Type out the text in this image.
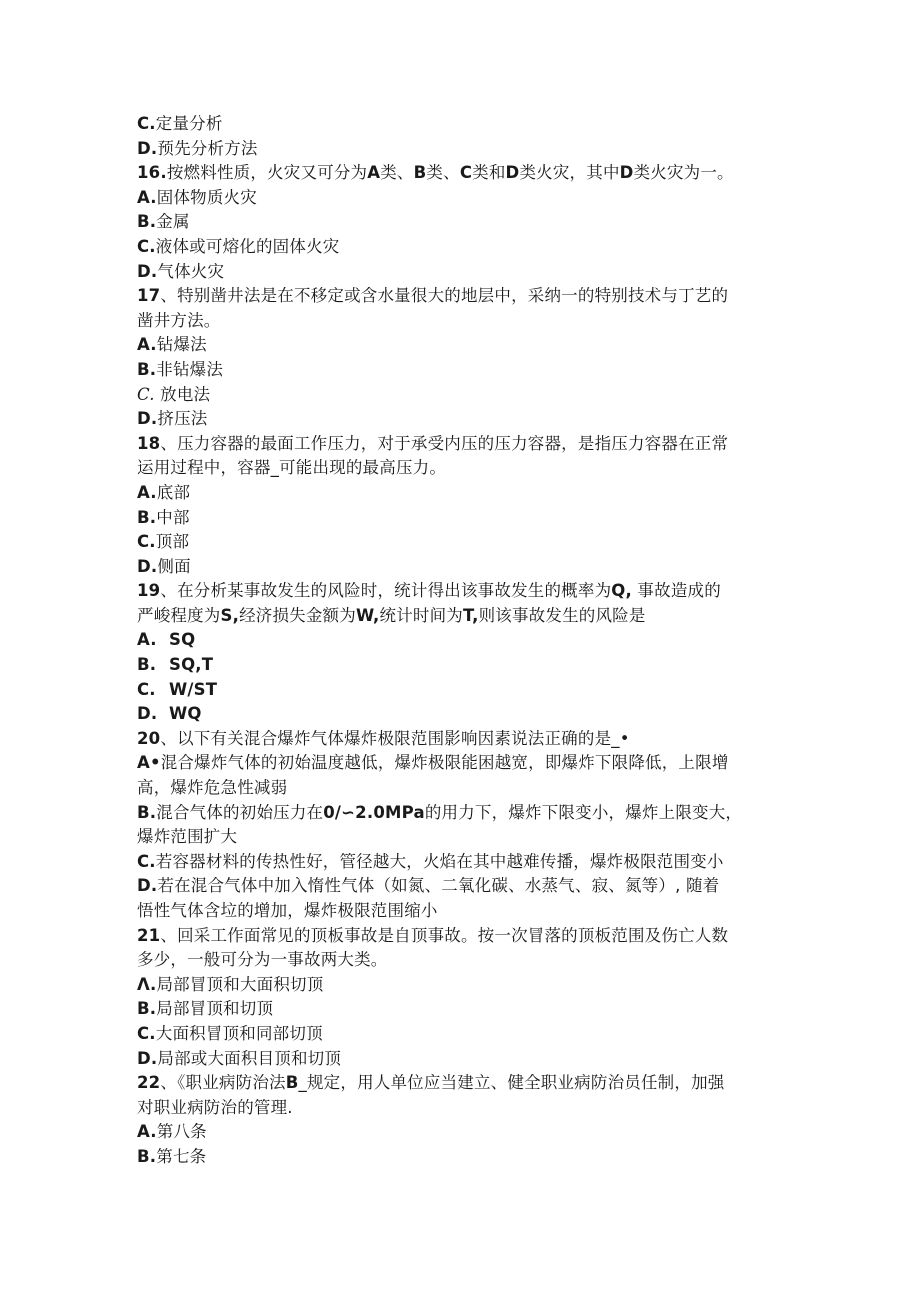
C.定量分析
D.预先分析方法
16.按燃料性质，火灾又可分为A类、B类、C类和D类火灾，其中D类火灾为一。
A.固体物质火灾
B.金属
C.液体或可熔化的固体火灾
D.气体火灾
17、特别凿井法是在不移定或含水量很大的地层中，采纳一的特别技术与丁艺的
凿井方法。
A.钻爆法
B.非钻爆法
C. 放电法
D.挤压法
18、压力容器的最面工作压力，对于承受内压的压力容器，是指压力容器在正常
运用过程中，容器_可能出现的最高压力。
A.底部
B.中部
C.顶部
D.侧面
19、在分析某事故发生的风险时，统计得出该事故发生的概率为Q, 事故造成的
严峻程度为S,经济损失金额为W,统计时间为T,则该事故发生的风险是
A. SQ
B. SQ,T
C. W/ST
D. WQ
20、以下有关混合爆炸气体爆炸极限范围影响因素说法正确的是_•
A•混合爆炸气体的初始温度越低，爆炸极限能困越宽，即爆炸下限降低，上限增
高，爆炸危急性减弱
B.混合气体的初始压力在0/∽2.0MPa的用力下，爆炸下限变小，爆炸上限变大，
爆炸范围扩大
C.若容器材料的传热性好，管径越大，火焰在其中越难传播，爆炸极限范围变小
D.若在混合气体中加入惰性气体（如氮、二氧化碳、水蒸气、寂、氮等）, 随着
悟性气体含垃的增加，爆炸极限范围缩小
21、回采工作面常见的顶板事故是自顶事故。按一次冒落的顶板范围及伤亡人数
多少，一般可分为一事故两大类。
Λ.局部冒顶和大面积切顶
B.局部冒顶和切顶
C.大面积冒顶和同部切顶
D.局部或大面积目顶和切顶
22、《职业病防治法B_规定，用人单位应当建立、健全职业病防治员任制，加强
对职业病防治的管理.
A.第八条
B.第七条
